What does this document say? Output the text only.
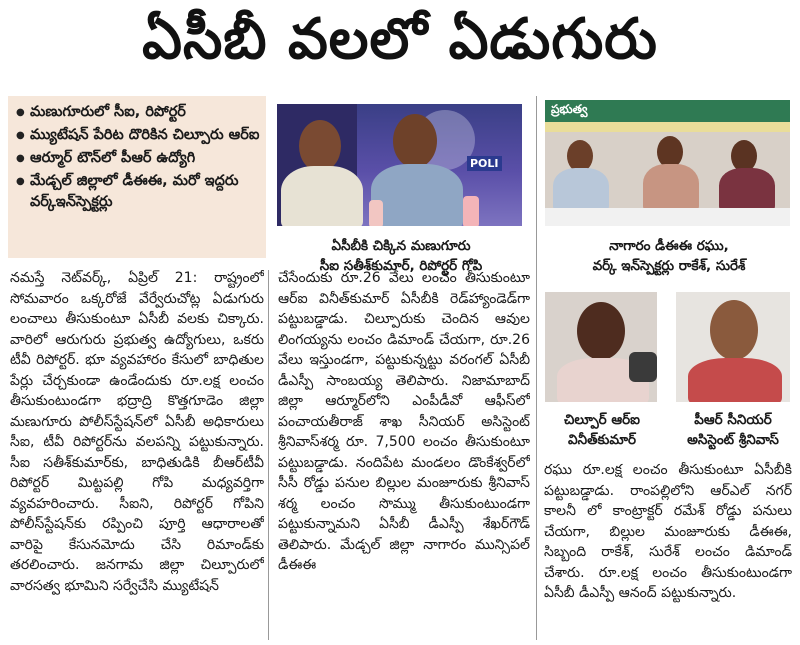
ఏసీబీ వలలో ఏడుగురు
● మణుగూరులో సీఐ, రిపోర్టర్
● మ్యుటేషన్ పేరిట దొరికిన చిల్పూరు ఆర్ఐ
● ఆర్మూర్ టౌన్‌లో పీఆర్ ఉద్యోగి
● మేడ్చల్ జిల్లాలో డీఈఈ, మరో ఇద్దరు వర్క్ఇన్‌స్పెక్టర్లు
POLI
ఏసీబీకి చిక్కిన మణుగూరు
సీఐ సతీశ్‌కుమార్, రిపోర్టర్ గోపి
ప్రభుత్వ
నాగారం డీఈఈ రఘు,
వర్క్ ఇన్‌స్పెక్టర్లు రాకేశ్, సురేశ్
చిల్పూర్ ఆర్ఐ
వినీత్‌కుమార్
పీఆర్ సీనియర్
అసిస్టెంట్ శ్రీనివాస్

నమస్తే నెట్‌వర్క్, ఏప్రిల్ 21: రాష్ట్రంలో సోమవారం ఒక్కరోజే వేర్వేరుచోట్ల ఏడుగురు లంచాలు తీసుకుంటూ ఏసీబీ వలకు చిక్కారు. వారిలో ఆరుగురు ప్రభుత్వ ఉద్యోగులు, ఒకరు టీవీ రిపోర్టర్. భూ వ్యవహారం కేసులో బాధితుల పేర్లు చేర్చకుండా ఉండేందుకు రూ.లక్ష లంచం తీసుకుంటుండగా భద్రాద్రి కొత్తగూడెం జిల్లా మణుగూరు పోలీస్‌స్టేషన్‌లో ఏసీబీ అధికారులు సీఐ, టీవీ రిపోర్టర్‌ను వలపన్ని పట్టుకున్నారు. సీఐ సతీశ్‌కుమార్‌కు, బాధితుడికి బీఆర్‌టీవీ రిపోర్టర్ మిట్టపల్లి గోపి మధ్యవర్తిగా వ్యవహరించారు. సీఐని, రిపోర్టర్ గోపిని పోలీస్‌స్టేషన్‌కు రప్పించి పూర్తి ఆధారాలతో వారిపై కేసునమోదు చేసి రిమాండ్‌కు తరలించారు. జనగామ జిల్లా చిల్పూరులో వారసత్వ భూమిని సర్వేచేసి మ్యుటేషన్

చేసేందుకు రూ.26 వేలు లంచం తీసుకుంటూ ఆర్ఐ వినీత్‌కుమార్ ఏసీబీకి రెడ్‌హ్యాండెడ్‌గా పట్టుబడ్డాడు. చిల్పూరుకు చెందిన ఆవుల లింగయ్యను లంచం డిమాండ్ చేయగా, రూ.26 వేలు ఇస్తుండగా, పట్టుకున్నట్టు వరంగల్ ఏసీబీ డీఎస్పీ సాంబయ్య తెలిపారు. నిజామాబాద్ జిల్లా ఆర్మూర్‌లోని ఎంపీడీవో ఆఫీస్‌లో పంచాయతీరాజ్ శాఖ సీనియర్ అసిస్టెంట్ శ్రీనివాస్‌శర్మ రూ. 7,500 లంచం తీసుకుంటూ పట్టుబడ్డాడు. నందిపేట మండలం డొంకేశ్వర్‌లో సీసీ రోడ్డు పనుల బిల్లుల మంజూరుకు శ్రీనివాస్ శర్మ లంచం సొమ్ము తీసుకుంటుండగా పట్టుకున్నామని ఏసీబీ డీఎస్పీ శేఖర్‌గౌడ్ తెలిపారు. మేడ్చల్ జిల్లా నాగారం మున్సిపల్ డీఈఈ

రఘు రూ.లక్ష లంచం తీసుకుంటూ ఏసీబీకి పట్టుబడ్డాడు. రాంపల్లిలోని ఆర్‌ఎల్ నగర్ కాలనీ లో కాంట్రాక్టర్ రమేశ్ రోడ్డు పనులు చేయగా, బిల్లుల మంజూరుకు డీఈఈ, సిబ్బంది రాకేశ్, సురేశ్ లంచం డిమాండ్ చేశారు. రూ.లక్ష లంచం తీసుకుంటుండగా ఏసీబీ డీఎస్పీ ఆనంద్ పట్టుకున్నారు.
